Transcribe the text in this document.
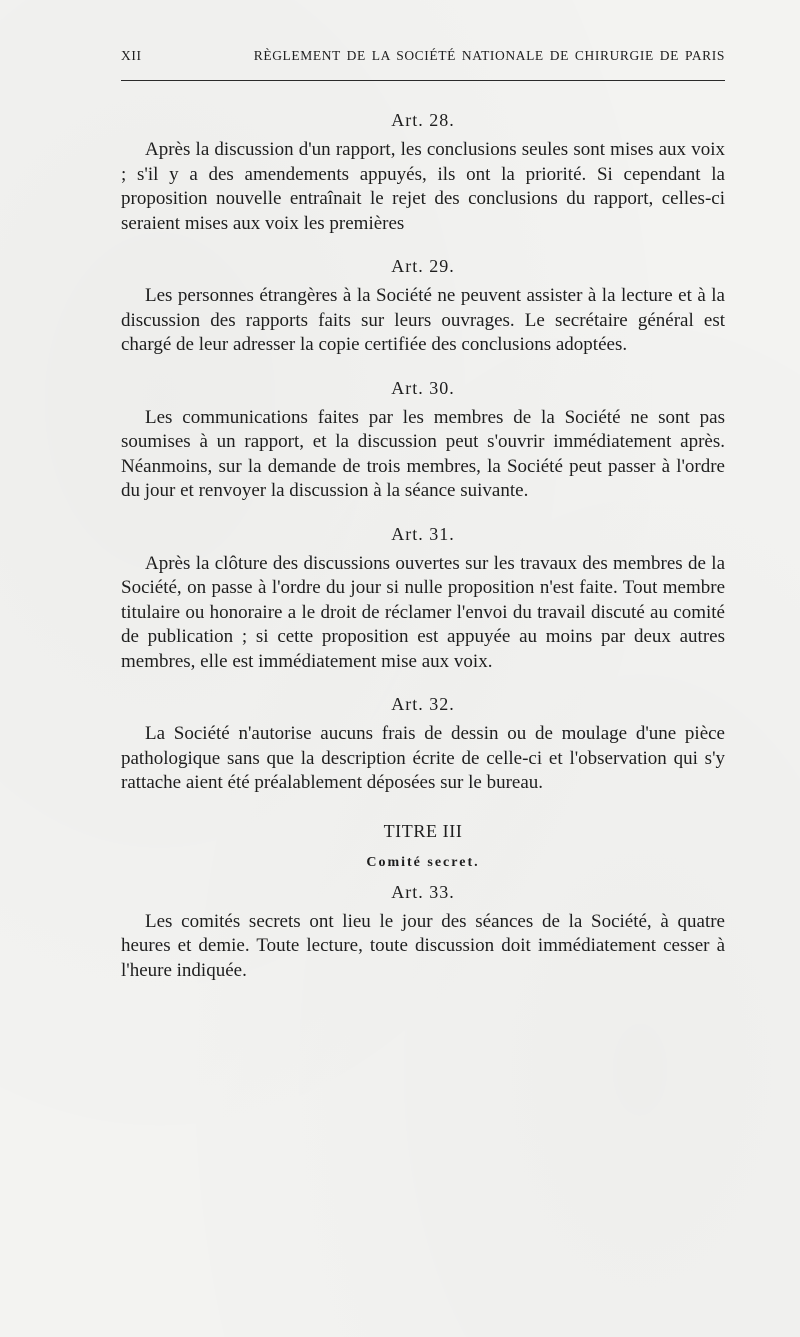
XII	RÈGLEMENT DE LA SOCIÉTÉ NATIONALE DE CHIRURGIE DE PARIS

Art. 28.

Après la discussion d'un rapport, les conclusions seules sont mises aux voix ; s'il y a des amendements appuyés, ils ont la priorité. Si cependant la proposition nouvelle entraînait le rejet des conclusions du rapport, celles-ci seraient mises aux voix les premières

Art. 29.

Les personnes étrangères à la Société ne peuvent assister à la lecture et à la discussion des rapports faits sur leurs ouvrages. Le secrétaire général est chargé de leur adresser la copie certifiée des conclusions adoptées.

Art. 30.

Les communications faites par les membres de la Société ne sont pas soumises à un rapport, et la discussion peut s'ouvrir immédiatement après. Néanmoins, sur la demande de trois membres, la Société peut passer à l'ordre du jour et renvoyer la discussion à la séance suivante.

Art. 31.

Après la clôture des discussions ouvertes sur les travaux des membres de la Société, on passe à l'ordre du jour si nulle proposition n'est faite. Tout membre titulaire ou honoraire a le droit de réclamer l'envoi du travail discuté au comité de publication ; si cette proposition est appuyée au moins par deux autres membres, elle est immédiatement mise aux voix.

Art. 32.

La Société n'autorise aucuns frais de dessin ou de moulage d'une pièce pathologique sans que la description écrite de celle-ci et l'observation qui s'y rattache aient été préalablement déposées sur le bureau.

TITRE III

Comité secret.

Art. 33.

Les comités secrets ont lieu le jour des séances de la Société, à quatre heures et demie. Toute lecture, toute discussion doit immédiatement cesser à l'heure indiquée.
